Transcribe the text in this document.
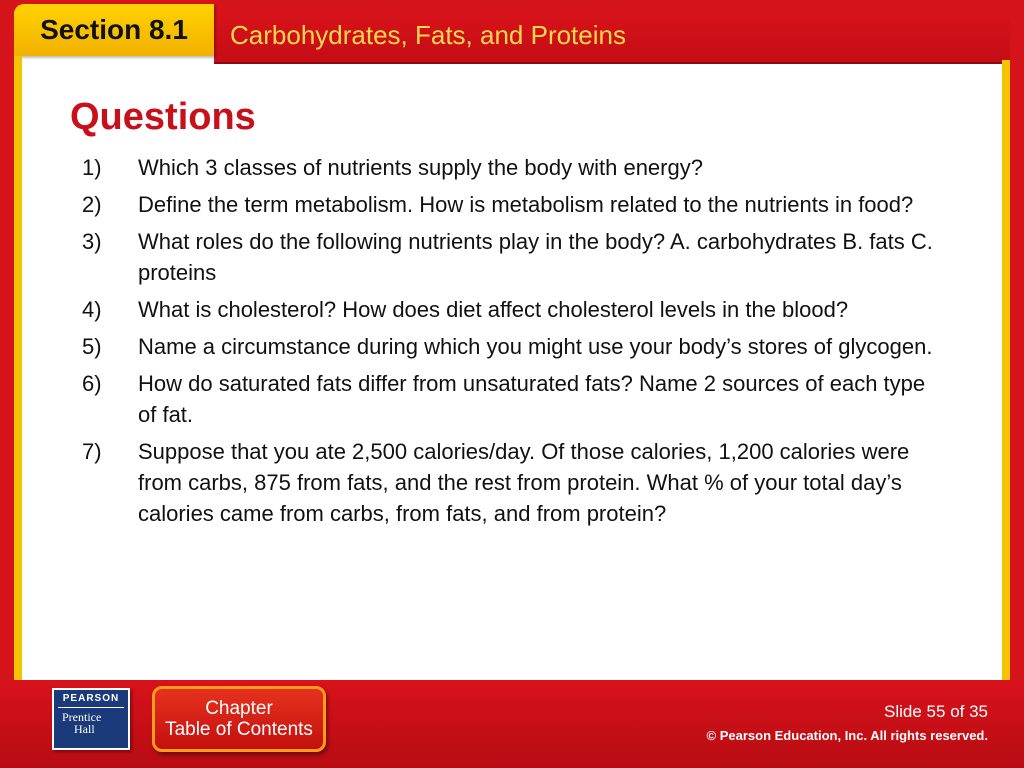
Section 8.1 Carbohydrates, Fats, and Proteins
Questions
1)	Which 3 classes of nutrients supply the body with energy?
2)	Define the term metabolism. How is metabolism related to the nutrients in food?
3)	What roles do the following nutrients play in the body? A. carbohydrates B. fats C. proteins
4)	What is cholesterol? How does diet affect cholesterol levels in the blood?
5)	Name a circumstance during which you might use your body’s stores of glycogen.
6)	How do saturated fats differ from unsaturated fats? Name 2 sources of each type of fat.
7)	Suppose that you ate 2,500 calories/day. Of those calories, 1,200 calories were from carbs, 875 from fats, and the rest from protein. What % of your total day’s calories came from carbs, from fats, and from protein?
PEARSON
Prentice
Hall
Chapter
Table of Contents
Slide 55 of 35
© Pearson Education, Inc. All rights reserved.
